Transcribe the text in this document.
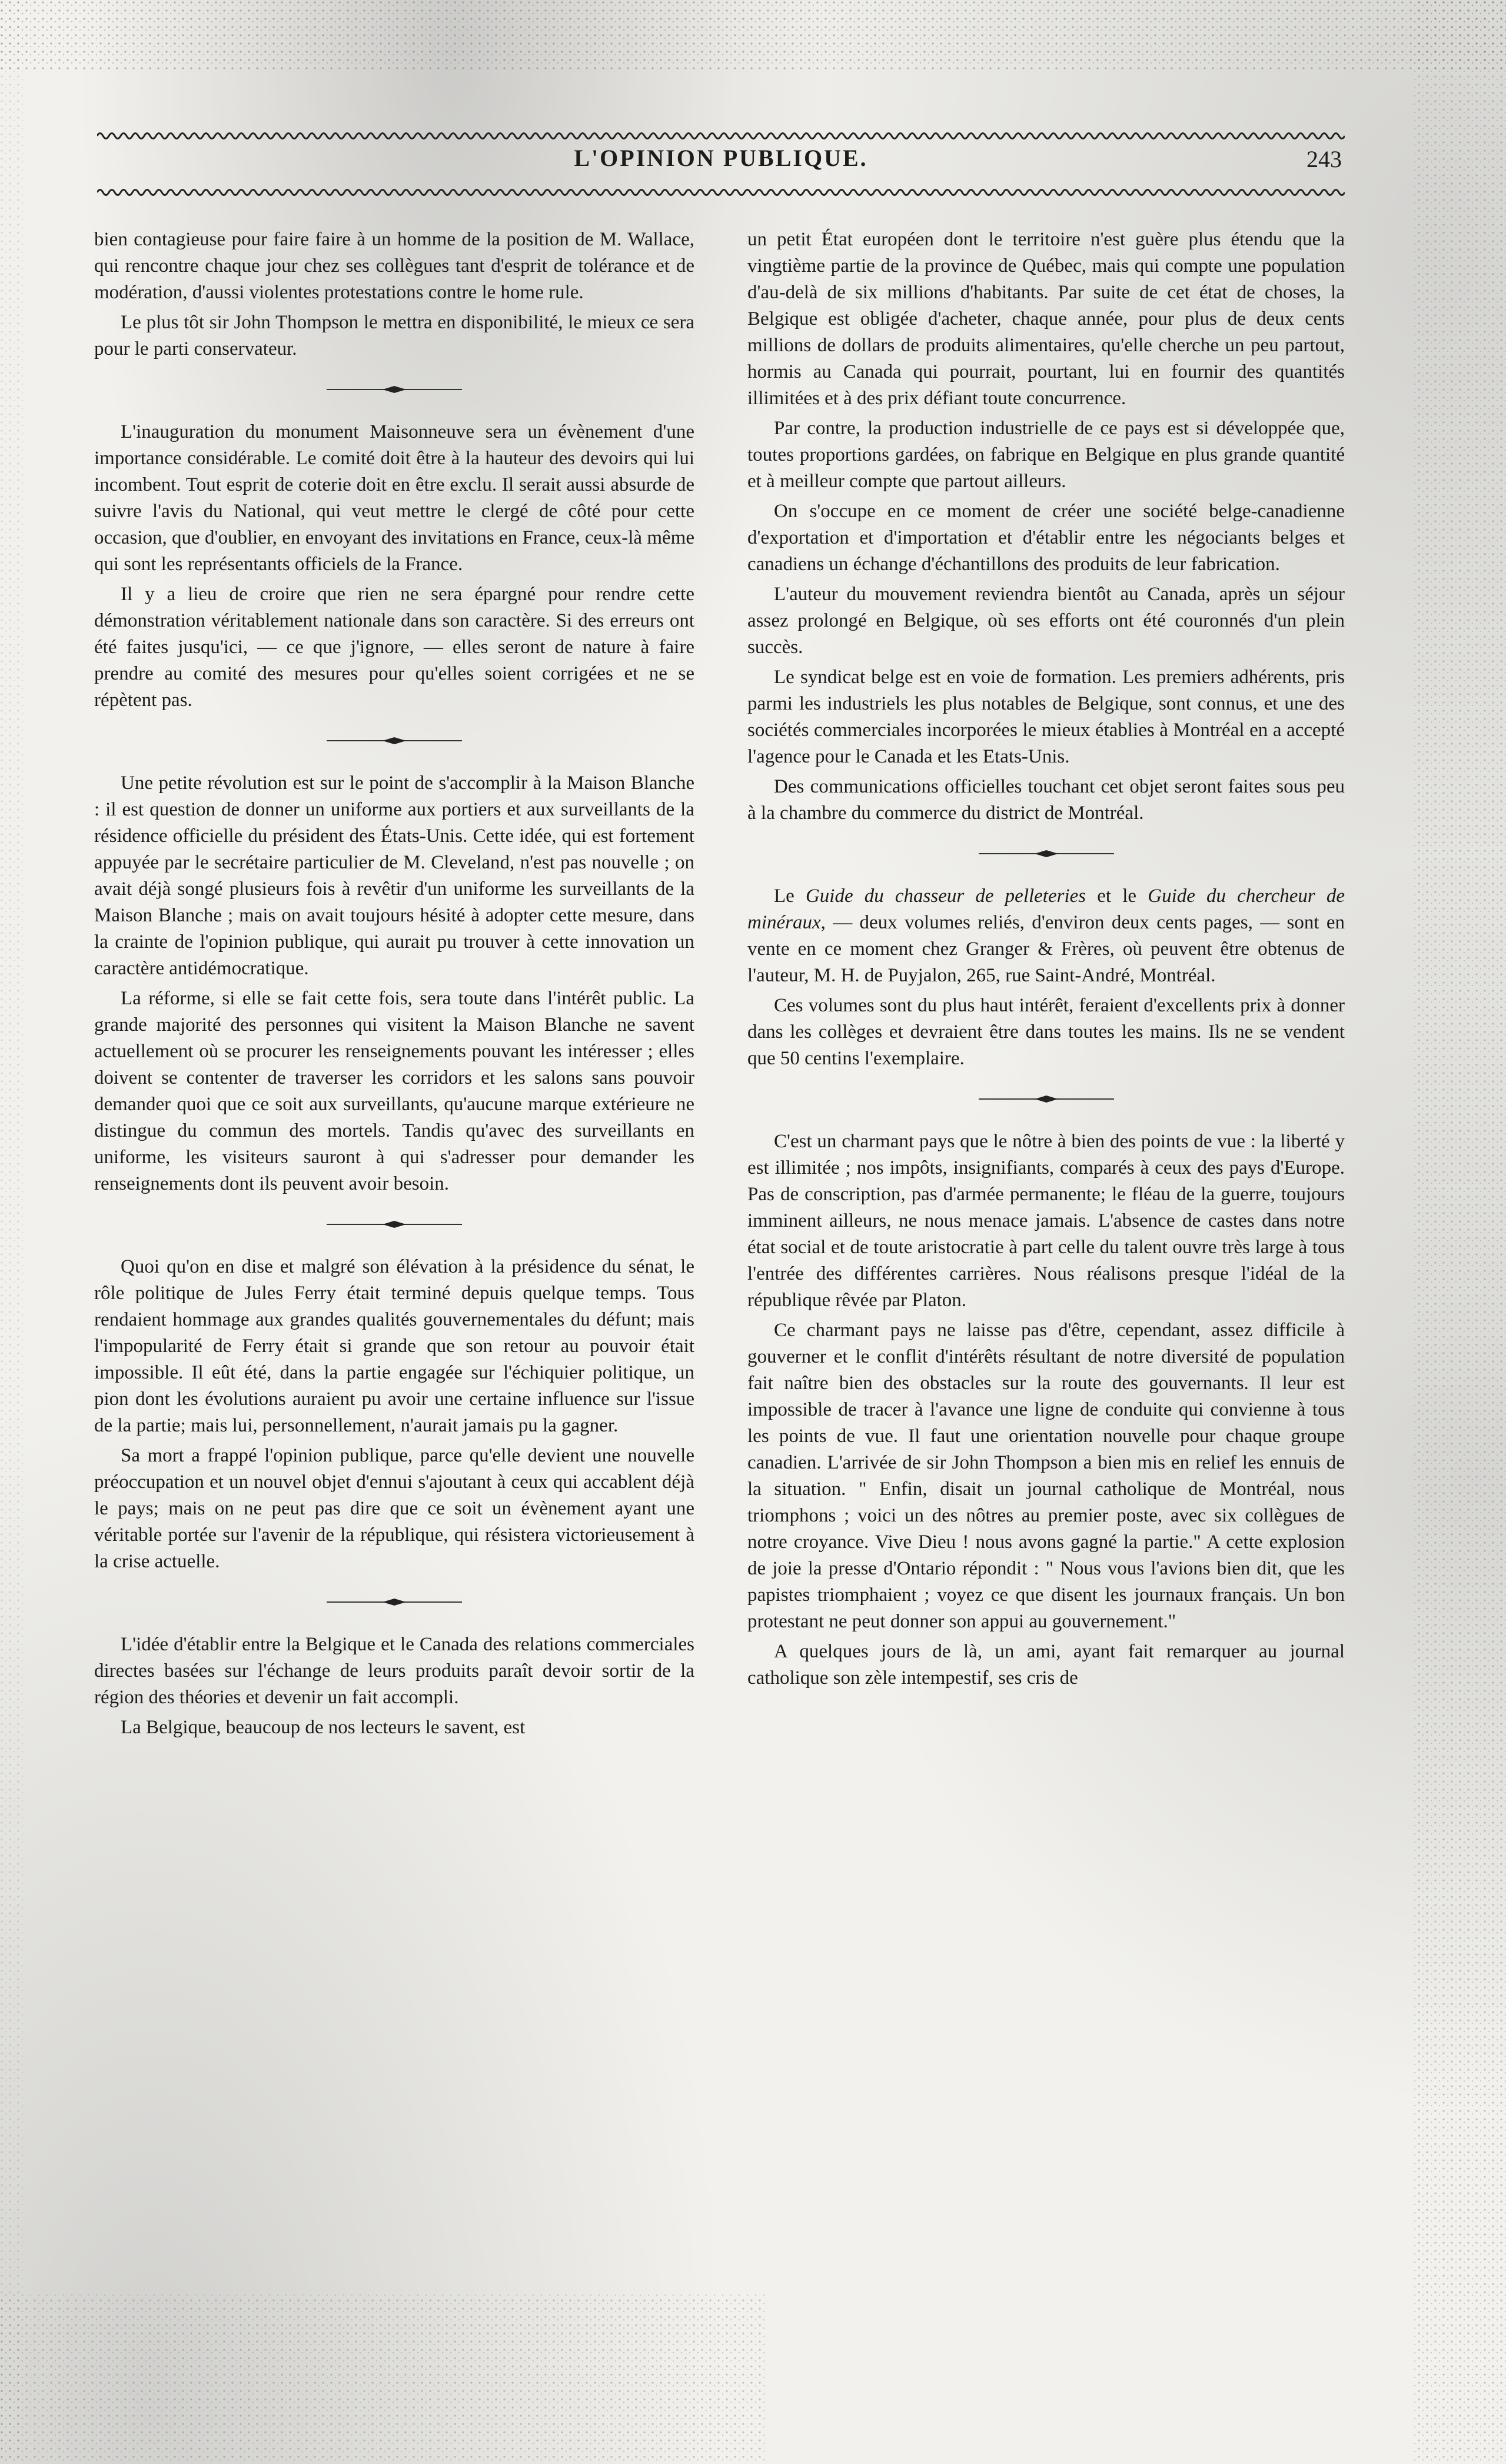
L'OPINION PUBLIQUE.	243

bien contagieuse pour faire faire à un homme de la position de M. Wallace, qui rencontre chaque jour chez ses collègues tant d'esprit de tolérance et de modération, d'aussi violentes protestations contre le home rule.

Le plus tôt sir John Thompson le mettra en disponibilité, le mieux ce sera pour le parti conservateur.

L'inauguration du monument Maisonneuve sera un évènement d'une importance considérable. Le comité doit être à la hauteur des devoirs qui lui incombent. Tout esprit de coterie doit en être exclu. Il serait aussi absurde de suivre l'avis du National, qui veut mettre le clergé de côté pour cette occasion, que d'oublier, en envoyant des invitations en France, ceux-là même qui sont les représentants officiels de la France.

Il y a lieu de croire que rien ne sera épargné pour rendre cette démonstration véritablement nationale dans son caractère. Si des erreurs ont été faites jusqu'ici, — ce que j'ignore, — elles seront de nature à faire prendre au comité des mesures pour qu'elles soient corrigées et ne se répètent pas.

Une petite révolution est sur le point de s'accomplir à la Maison Blanche : il est question de donner un uniforme aux portiers et aux surveillants de la résidence officielle du président des États-Unis. Cette idée, qui est fortement appuyée par le secrétaire particulier de M. Cleveland, n'est pas nouvelle ; on avait déjà songé plusieurs fois à revêtir d'un uniforme les surveillants de la Maison Blanche ; mais on avait toujours hésité à adopter cette mesure, dans la crainte de l'opinion publique, qui aurait pu trouver à cette innovation un caractère antidémocratique.

La réforme, si elle se fait cette fois, sera toute dans l'intérêt public. La grande majorité des personnes qui visitent la Maison Blanche ne savent actuellement où se procurer les renseignements pouvant les intéresser ; elles doivent se contenter de traverser les corridors et les salons sans pouvoir demander quoi que ce soit aux surveillants, qu'aucune marque extérieure ne distingue du commun des mortels. Tandis qu'avec des surveillants en uniforme, les visiteurs sauront à qui s'adresser pour demander les renseignements dont ils peuvent avoir besoin.

Quoi qu'on en dise et malgré son élévation à la présidence du sénat, le rôle politique de Jules Ferry était terminé depuis quelque temps. Tous rendaient hommage aux grandes qualités gouvernementales du défunt; mais l'impopularité de Ferry était si grande que son retour au pouvoir était impossible. Il eût été, dans la partie engagée sur l'échiquier politique, un pion dont les évolutions auraient pu avoir une certaine influence sur l'issue de la partie; mais lui, personnellement, n'aurait jamais pu la gagner.

Sa mort a frappé l'opinion publique, parce qu'elle devient une nouvelle préoccupation et un nouvel objet d'ennui s'ajoutant à ceux qui accablent déjà le pays; mais on ne peut pas dire que ce soit un évènement ayant une véritable portée sur l'avenir de la république, qui résistera victorieusement à la crise actuelle.

L'idée d'établir entre la Belgique et le Canada des relations commerciales directes basées sur l'échange de leurs produits paraît devoir sortir de la région des théories et devenir un fait accompli.

La Belgique, beaucoup de nos lecteurs le savent, est

un petit État européen dont le territoire n'est guère plus étendu que la vingtième partie de la province de Québec, mais qui compte une population d'au-delà de six millions d'habitants. Par suite de cet état de choses, la Belgique est obligée d'acheter, chaque année, pour plus de deux cents millions de dollars de produits alimentaires, qu'elle cherche un peu partout, hormis au Canada qui pourrait, pourtant, lui en fournir des quantités illimitées et à des prix défiant toute concurrence.

Par contre, la production industrielle de ce pays est si développée que, toutes proportions gardées, on fabrique en Belgique en plus grande quantité et à meilleur compte que partout ailleurs.

On s'occupe en ce moment de créer une société belge-canadienne d'exportation et d'importation et d'établir entre les négociants belges et canadiens un échange d'échantillons des produits de leur fabrication.

L'auteur du mouvement reviendra bientôt au Canada, après un séjour assez prolongé en Belgique, où ses efforts ont été couronnés d'un plein succès.

Le syndicat belge est en voie de formation. Les premiers adhérents, pris parmi les industriels les plus notables de Belgique, sont connus, et une des sociétés commerciales incorporées le mieux établies à Montréal en a accepté l'agence pour le Canada et les Etats-Unis.

Des communications officielles touchant cet objet seront faites sous peu à la chambre du commerce du district de Montréal.

Le Guide du chasseur de pelleteries et le Guide du chercheur de minéraux, — deux volumes reliés, d'environ deux cents pages, — sont en vente en ce moment chez Granger & Frères, où peuvent être obtenus de l'auteur, M. H. de Puyjalon, 265, rue Saint-André, Montréal.

Ces volumes sont du plus haut intérêt, feraient d'excellents prix à donner dans les collèges et devraient être dans toutes les mains. Ils ne se vendent que 50 centins l'exemplaire.

C'est un charmant pays que le nôtre à bien des points de vue : la liberté y est illimitée ; nos impôts, insignifiants, comparés à ceux des pays d'Europe. Pas de conscription, pas d'armée permanente; le fléau de la guerre, toujours imminent ailleurs, ne nous menace jamais. L'absence de castes dans notre état social et de toute aristocratie à part celle du talent ouvre très large à tous l'entrée des différentes carrières. Nous réalisons presque l'idéal de la république rêvée par Platon.

Ce charmant pays ne laisse pas d'être, cependant, assez difficile à gouverner et le conflit d'intérêts résultant de notre diversité de population fait naître bien des obstacles sur la route des gouvernants. Il leur est impossible de tracer à l'avance une ligne de conduite qui convienne à tous les points de vue. Il faut une orientation nouvelle pour chaque groupe canadien. L'arrivée de sir John Thompson a bien mis en relief les ennuis de la situation. " Enfin, disait un journal catholique de Montréal, nous triomphons ; voici un des nôtres au premier poste, avec six collègues de notre croyance. Vive Dieu ! nous avons gagné la partie." A cette explosion de joie la presse d'Ontario répondit : " Nous vous l'avions bien dit, que les papistes triomphaient ; voyez ce que disent les journaux français. Un bon protestant ne peut donner son appui au gouvernement."

A quelques jours de là, un ami, ayant fait remarquer au journal catholique son zèle intempestif, ses cris de
